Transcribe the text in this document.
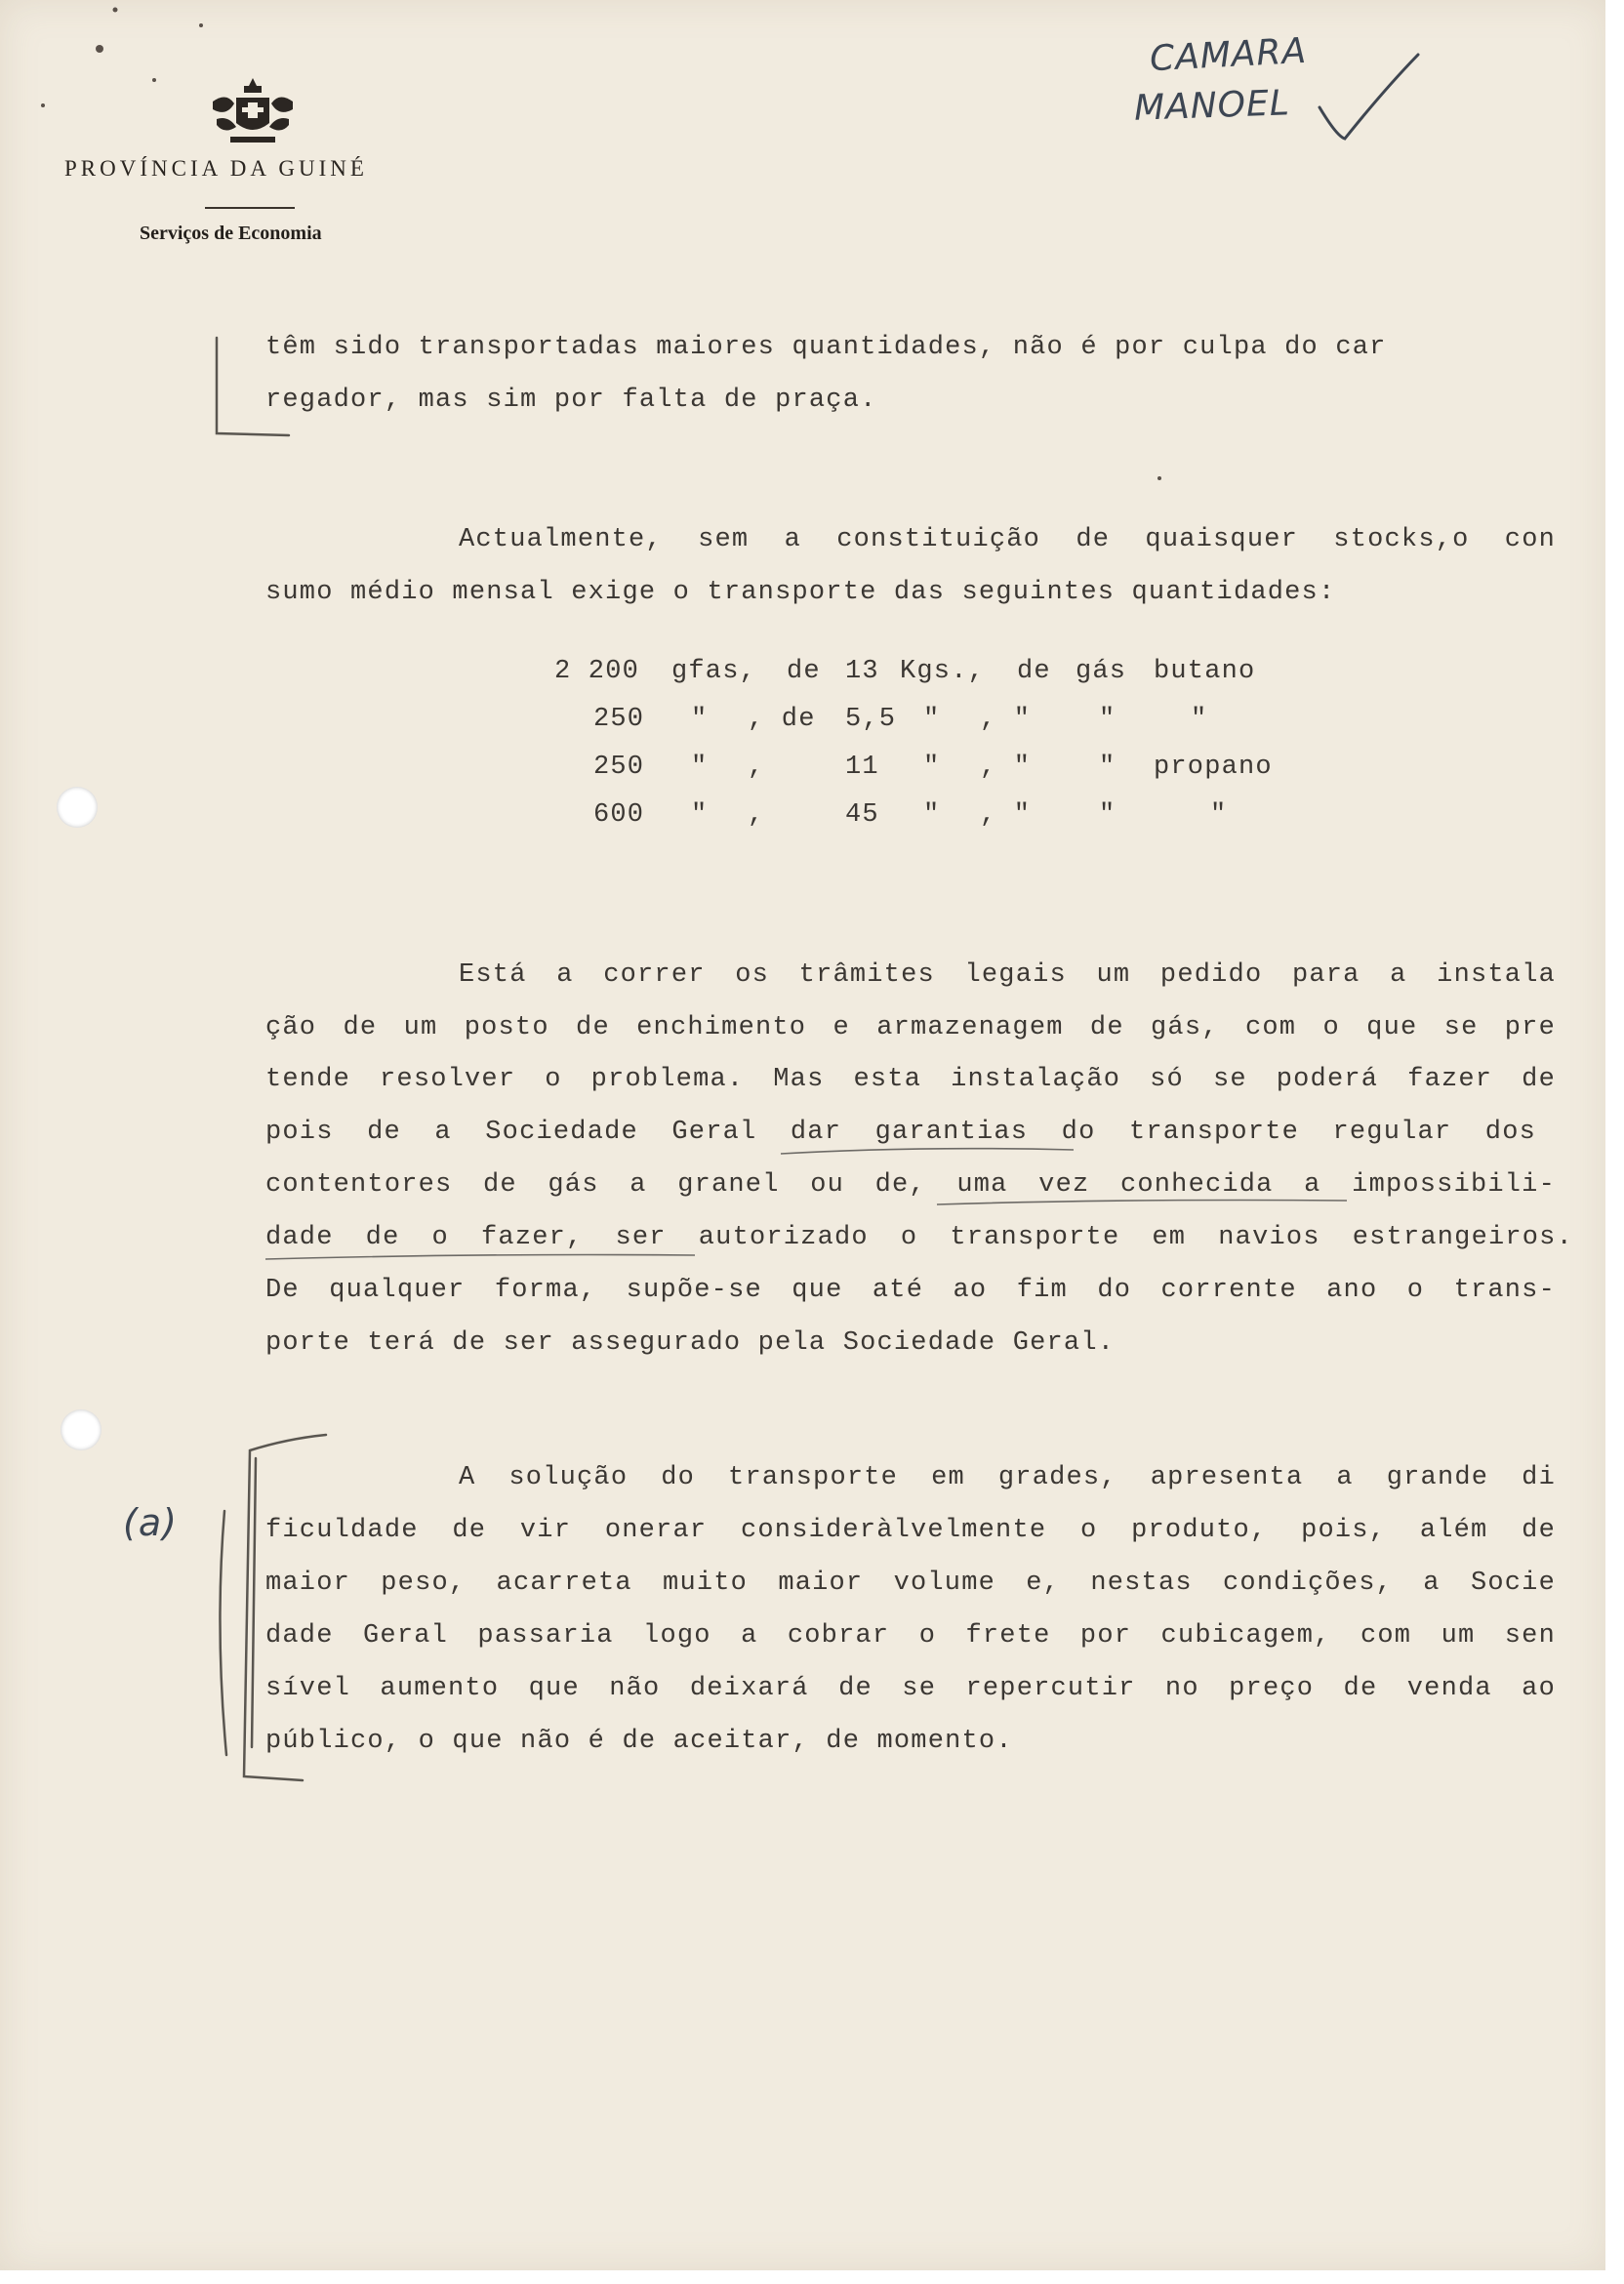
PROVÍNCIA DA GUINÉ
Serviços de Economia
CAMARA
MANOEL
(a)
têm sido transportadas maiores quantidades, não é por culpa do car
regador, mas sim por falta de praça.
Actualmente, sem a constituição de quaisquer stocks,o con
sumo médio mensal exige o transporte das seguintes quantidades:
2 200 gfas, de 13 Kgs., de gás butano
250 " , de 5,5 " , "	"	"
250 " ,	11 " , "	" propano
600 " ,	45 " , "	"	"
Está a correr os trâmites legais um pedido para a instala
ção de um posto de enchimento e armazenagem de gás, com o que se pre
tende resolver o problema. Mas esta instalação só se poderá fazer de
pois de a Sociedade Geral dar garantias do transporte regular dos
contentores de gás a granel ou de, uma vez conhecida a impossibili-
dade de o fazer, ser autorizado o transporte em navios estrangeiros.
De qualquer forma, supõe-se que até ao fim do corrente ano o trans-
porte terá de ser assegurado pela Sociedade Geral.
A solução do transporte em grades, apresenta a grande di
ficuldade de vir onerar consideràlvelmente o produto, pois, além de
maior peso, acarreta muito maior volume e, nestas condições, a Socie
dade Geral passaria logo a cobrar o frete por cubicagem, com um sen
sível aumento que não deixará de se repercutir no preço de venda ao
público, o que não é de aceitar, de momento.
